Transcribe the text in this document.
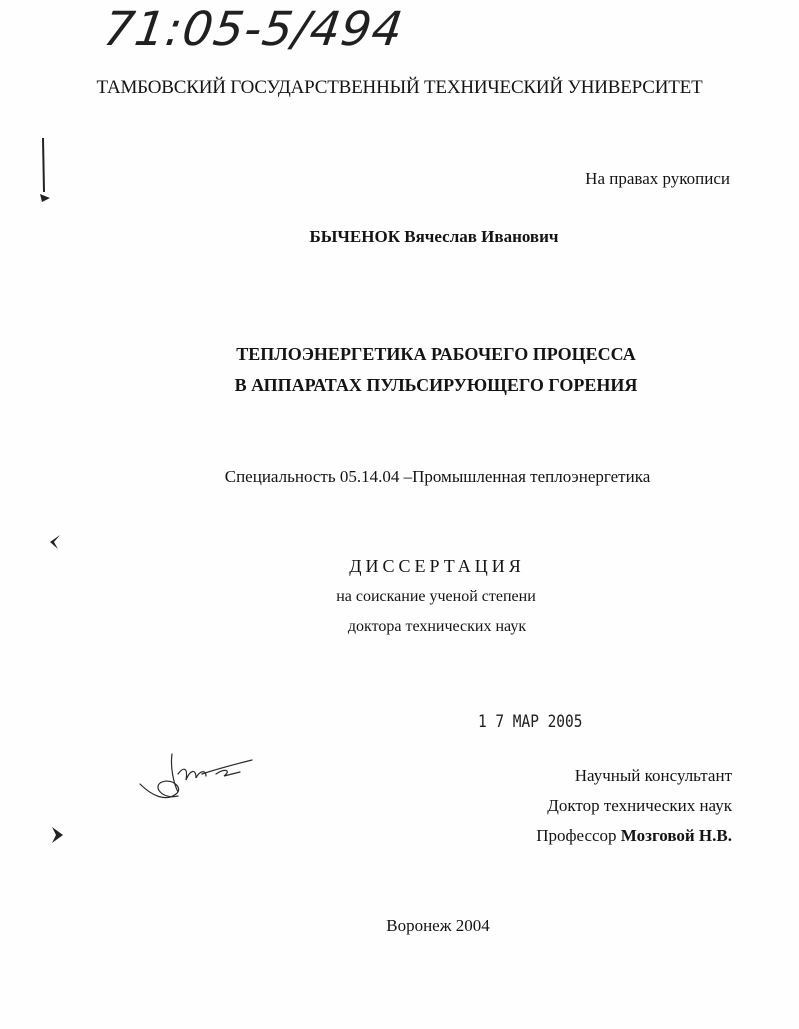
71:05-5/494
ТАМБОВСКИЙ ГОСУДАРСТВЕННЫЙ ТЕХНИЧЕСКИЙ УНИВЕРСИТЕТ
На правах рукописи
БЫЧЕНОК Вячеслав Иванович
ТЕПЛОЭНЕРГЕТИКА РАБОЧЕГО ПРОЦЕССА
В АППАРАТАХ ПУЛЬСИРУЮЩЕГО ГОРЕНИЯ
Специальность 05.14.04 –Промышленная теплоэнергетика
ДИССЕРТАЦИЯ
на соискание ученой степени
доктора технических наук
1 7 МАР 2005
Научный консультант
Доктор технических наук
Профессор Мозговой Н.В.
Воронеж 2004
